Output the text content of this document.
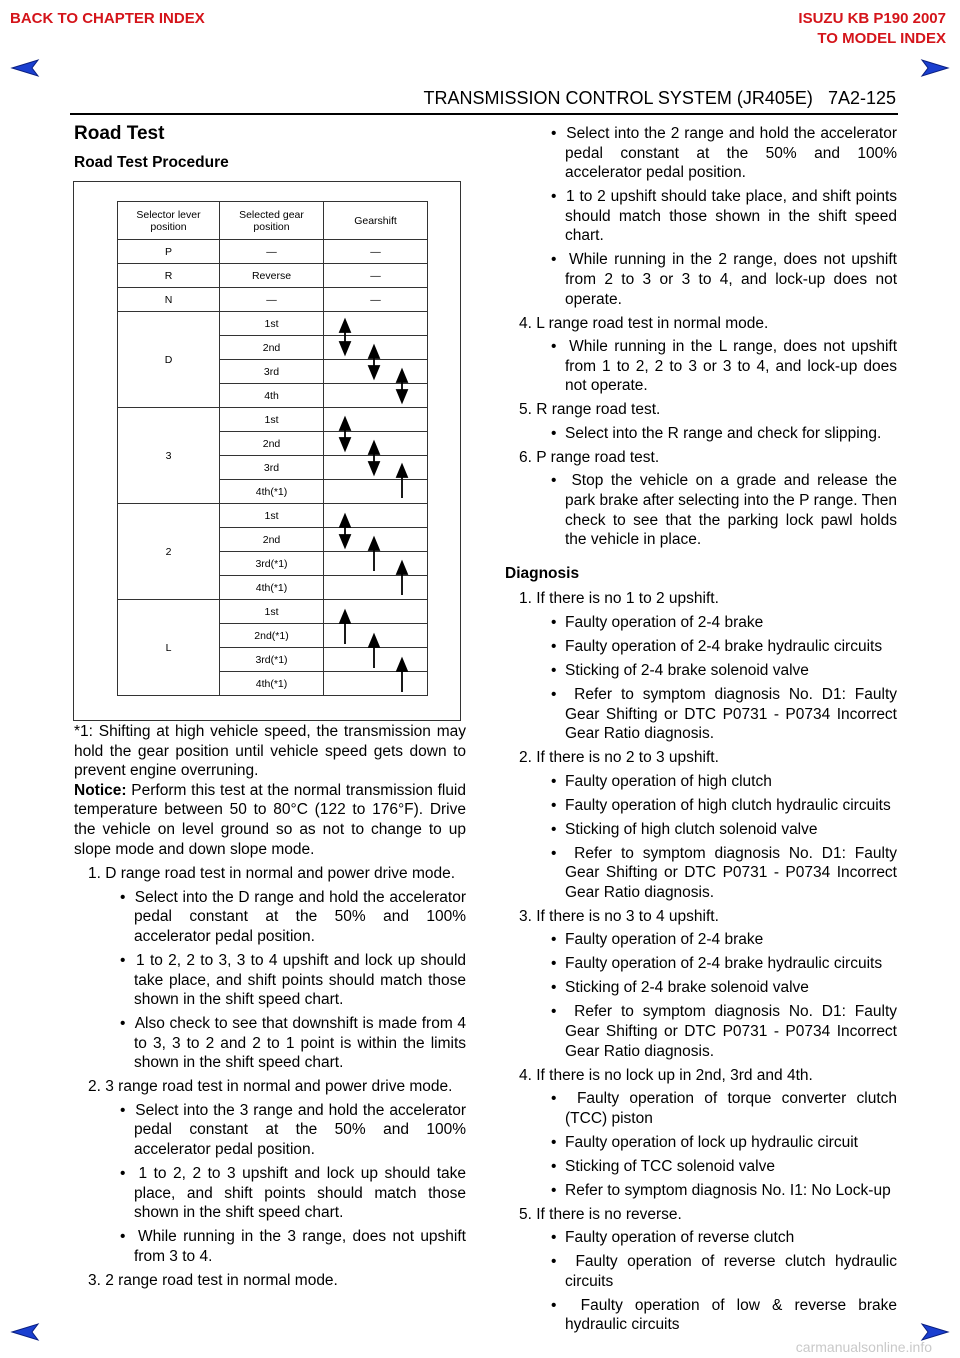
BACK TO CHAPTER INDEX	ISUZU KB P190 2007
TO MODEL INDEX
TRANSMISSION CONTROL SYSTEM (JR405E) 7A2-125

Road Test

Road Test Procedure

Selector lever position	Selected gear position	Gearshift
P	—	—
R	Reverse	—
N	—	—
D	1st	
	2nd	
	3rd	
	4th	
3	1st	
	2nd	
	3rd	
	4th(*1)	
2	1st	
	2nd	
	3rd(*1)	
	4th(*1)	
L	1st	
	2nd(*1)	
	3rd(*1)	
	4th(*1)	

*1: Shifting at high vehicle speed, the transmission may hold the gear position until vehicle speed gets down to prevent engine overruning.

Notice: Perform this test at the normal transmission fluid temperature between 50 to 80°C (122 to 176°F). Drive the vehicle on level ground so as not to change to up slope mode and down slope mode.

1. D range road test in normal and power drive mode.

•  Select into the D range and hold the accelerator pedal constant at the 50% and 100% accelerator pedal position.

•  1 to 2, 2 to 3, 3 to 4 upshift and lock up should take place, and shift points should match those shown in the shift speed chart.

•  Also check to see that downshift is made from 4 to 3, 3 to 2 and 2 to 1 point is within the limits shown in the shift speed chart.

2. 3 range road test in normal and power drive mode.

•  Select into the 3 range and hold the accelerator pedal constant at the 50% and 100% accelerator pedal position.

•  1 to 2, 2 to 3 upshift and lock up should take place, and shift points should match those shown in the shift speed chart.

•  While running in the 3 range, does not upshift from 3 to 4.

3. 2 range road test in normal mode.

•  Select into the 2 range and hold the accelerator pedal constant at the 50% and 100% accelerator pedal position.

•  1 to 2 upshift should take place, and shift points should match those shown in the shift speed chart.

•  While running in the 2 range, does not upshift from 2 to 3 or 3 to 4, and lock-up does not operate.

4. L range road test in normal mode.

•  While running in the L range, does not upshift from 1 to 2, 2 to 3 or 3 to 4, and lock-up does not operate.

5. R range road test.

•  Select into the R range and check for slipping.

6. P range road test.

•  Stop the vehicle on a grade and release the park brake after selecting into the P range. Then check to see that the parking lock pawl holds the vehicle in place.

Diagnosis

1. If there is no 1 to 2 upshift.

•  Faulty operation of 2-4 brake

•  Faulty operation of 2-4 brake hydraulic circuits

•  Sticking of 2-4 brake solenoid valve

•  Refer to symptom diagnosis No. D1: Faulty Gear Shifting or DTC P0731 - P0734 Incorrect Gear Ratio diagnosis.

2. If there is no 2 to 3 upshift.

•  Faulty operation of high clutch

•  Faulty operation of high clutch hydraulic circuits

•  Sticking of high clutch solenoid valve

•  Refer to symptom diagnosis No. D1: Faulty Gear Shifting or DTC P0731 - P0734 Incorrect Gear Ratio diagnosis.

3. If there is no 3 to 4 upshift.

•  Faulty operation of 2-4 brake

•  Faulty operation of 2-4 brake hydraulic circuits

•  Sticking of 2-4 brake solenoid valve

•  Refer to symptom diagnosis No. D1: Faulty Gear Shifting or DTC P0731 - P0734 Incorrect Gear Ratio diagnosis.

4. If there is no lock up in 2nd, 3rd and 4th.

•  Faulty operation of torque converter clutch (TCC) piston

•  Faulty operation of lock up hydraulic circuit

•  Sticking of TCC solenoid valve

•  Refer to symptom diagnosis No. I1: No Lock-up

5. If there is no reverse.

•  Faulty operation of reverse clutch

•  Faulty operation of reverse clutch hydraulic circuits

•  Faulty operation of low & reverse brake hydraulic circuits

carmanualsonline.info
